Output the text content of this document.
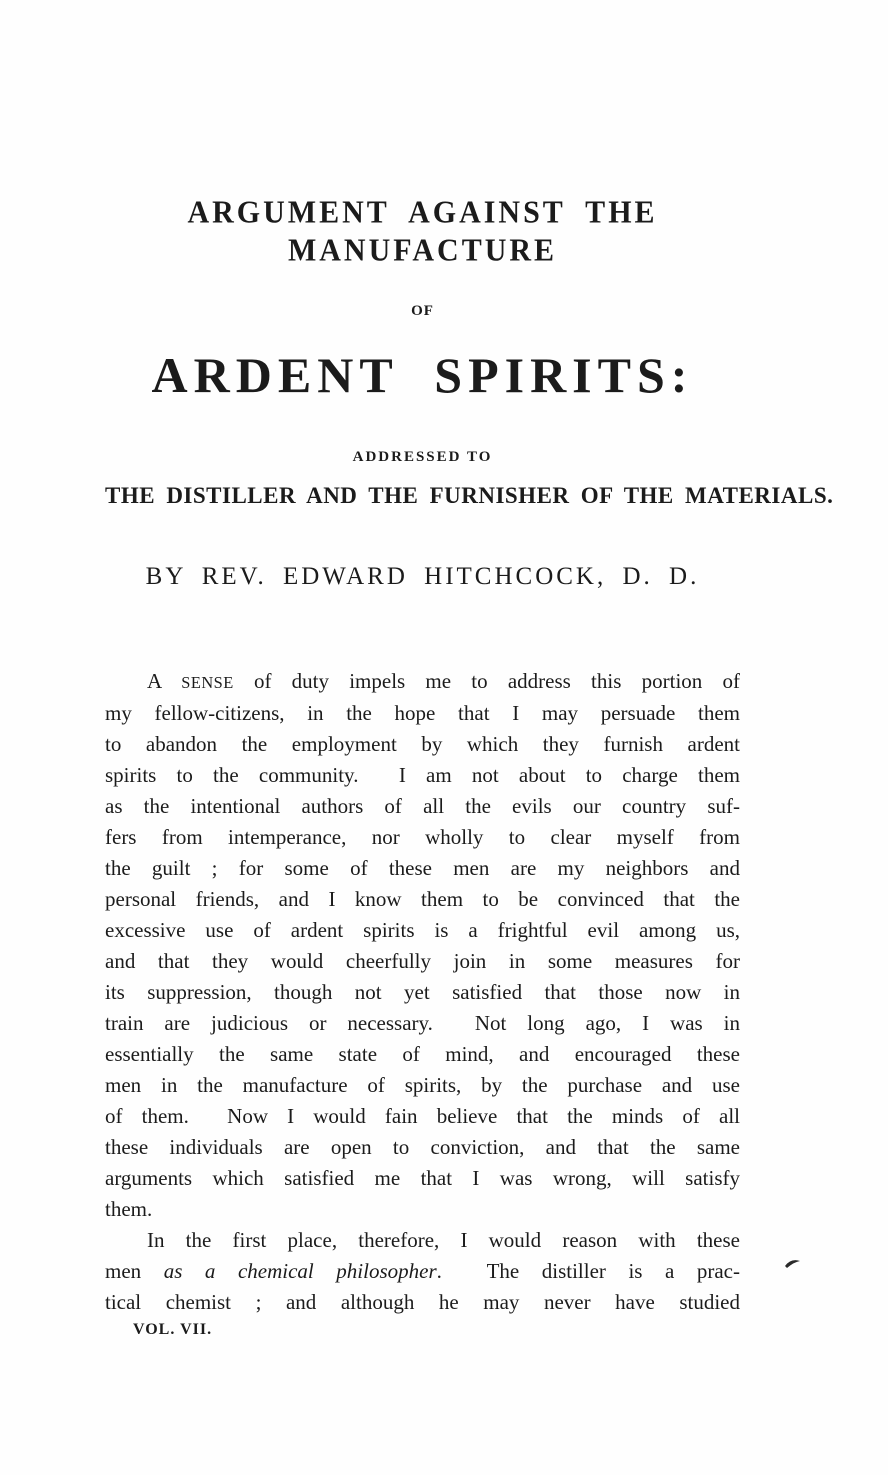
ARGUMENT AGAINST THE MANUFACTURE
OF
ARDENT SPIRITS:
ADDRESSED TO
THE DISTILLER AND THE FURNISHER OF THE MATERIALS.
BY REV. EDWARD HITCHCOCK, D. D.
A SENSE of duty impels me to address this portion of
my fellow-citizens, in the hope that I may persuade them
to abandon the employment by which they furnish ardent
spirits to the community.  I am not about to charge them
as the intentional authors of all the evils our country suf-
fers from intemperance, nor wholly to clear myself from
the guilt ; for some of these men are my neighbors and
personal friends, and I know them to be convinced that the
excessive use of ardent spirits is a frightful evil among us,
and that they would cheerfully join in some measures for
its suppression, though not yet satisfied that those now in
train are judicious or necessary.  Not long ago, I was in
essentially the same state of mind, and encouraged these
men in the manufacture of spirits, by the purchase and use
of them.  Now I would fain believe that the minds of all
these individuals are open to conviction, and that the same
arguments which satisfied me that I was wrong, will satisfy
them.
In the first place, therefore, I would reason with these
men as a chemical philosopher.  The distiller is a prac-
tical chemist ; and although he may never have studied
VOL. VII.
